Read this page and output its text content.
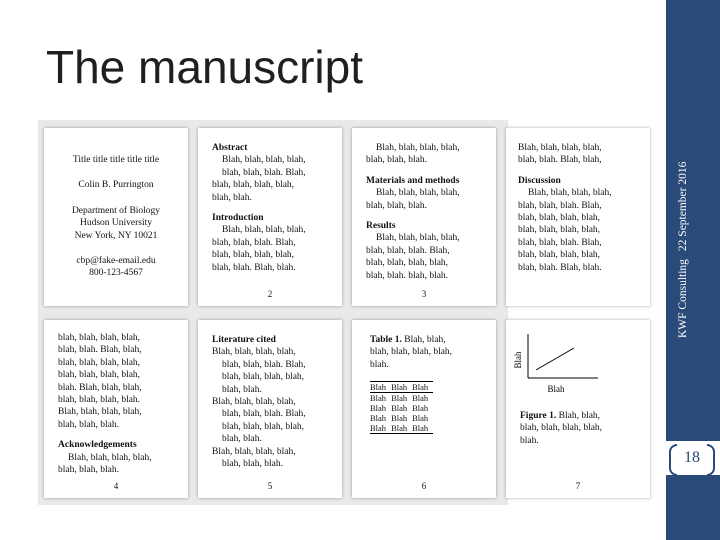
The manuscript
KWF Consulting
22 September 2016
18
Title title title title title
Colin B. Purrington
Department of Biology
Hudson University
New York, NY 10021
cbp@fake-email.edu
800-123-4567
Abstract
Blah, blah, blah, blah,
blah, blah, blah. Blah,
blah, blah, blah, blah,
blah, blah.
Introduction
Blah, blah, blah, blah,
blah, blah, blah. Blah,
blah, blah, blah, blah,
blah, blah. Blah, blah.
2
Blah, blah, blah, blah,
blah, blah, blah.
Materials and methods
Blah, blah, blah, blah,
blah, blah, blah.
Results
Blah, blah, blah, blah,
blah, blah, blah. Blah,
blah, blah, blah, blah,
blah, blah. blah, blah.
3
Blah, blah, blah, blah,
blah, blah. Blah, blah,
Discussion
Blah, blah, blah, blah,
blah, blah, blah. Blah,
blah, blah, blah, blah,
blah, blah, blah, blah,
blah, blah, blah. Blah,
blah, blah, blah, blah,
blah, blah. Blah, blah.
blah, blah, blah, blah,
blah, blah. Blah, blah,
blah, blah, blah, blah,
blah, blah, blah, blah,
blah. Blah, blah, blah,
blah, blah, blah, blah.
Blah, blah, blah, blah,
blah, blah, blah.
Acknowledgements
Blah, blah, blah, blah,
blah, blah, blah.
4
Literature cited
Blah, blah, blah, blah,
blah, blah, blah. Blah,
blah, blah, blah, blah,
blah, blah.
Blah, blah, blah, blah,
blah, blah, blah. Blah,
blah, blah, blah, blah,
blah, blah.
Blah, blah, blah, blah,
blah, blah, blah.
5
Table 1. Blah, blah,
blah, blah, blah, blah,
blah.
Blah	Blah	Blah
Blah	Blah	Blah
Blah	Blah	Blah
Blah	Blah	Blah
Blah	Blah	Blah
6
Blah
Blah
Figure 1. Blah, blah,
blah, blah, blah, blah,
blah.
7
